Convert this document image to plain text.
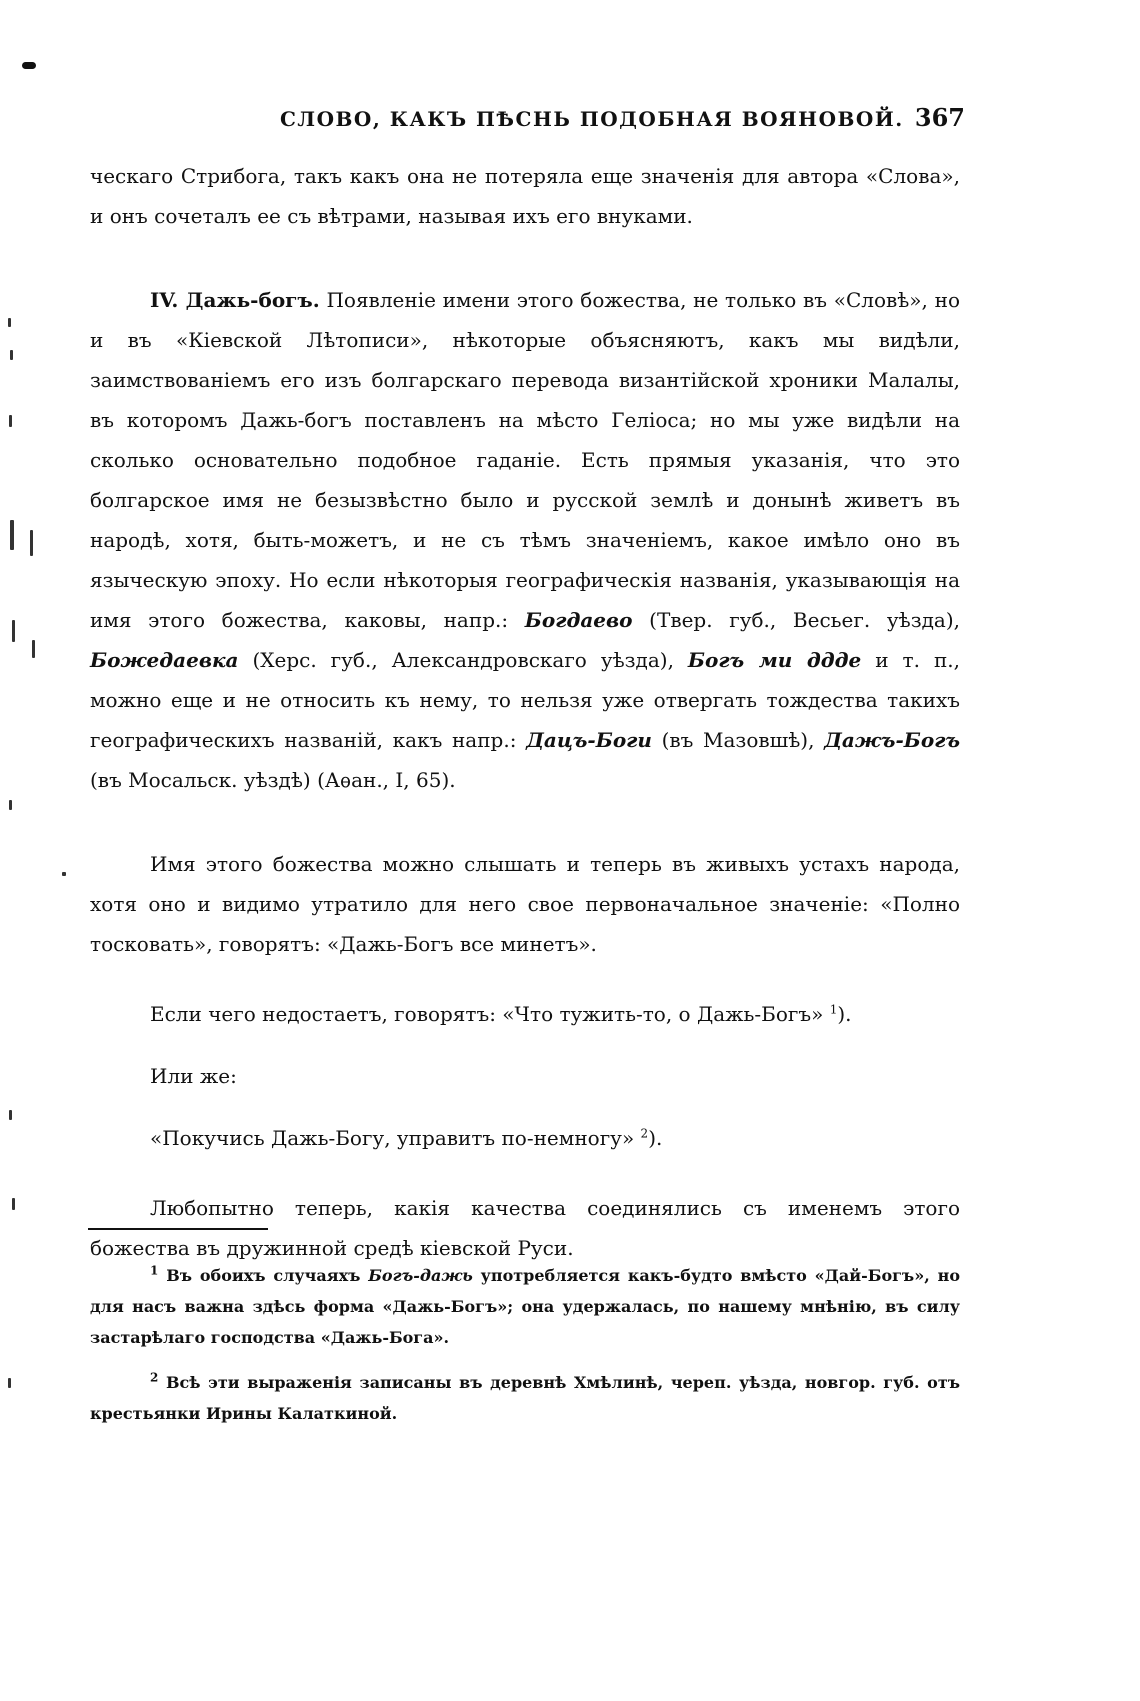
СЛОВО, КАКЪ ПѢСНЬ ПОДОБНАЯ ВОЯНОВОЙ. 367

ческаго Стрибога, такъ какъ она не потеряла еще значенія для автора «Слова», и онъ сочеталъ ее съ вѣтрами, называя ихъ его внуками.

IV. Дажь-богъ. Появленіе имени этого божества, не только въ «Словѣ», но и въ «Кіевской Лѣтописи», нѣкоторые объясняютъ, какъ мы видѣли, заимствованіемъ его изъ болгарскаго перевода византійской хроники Малалы, въ которомъ Дажь-богъ поставленъ на мѣсто Геліоса; но мы уже видѣли на сколько основательно подобное гаданіе. Есть прямыя указанія, что это болгарское имя не безызвѣстно было и русской землѣ и донынѣ живетъ въ народѣ, хотя, быть-можетъ, и не съ тѣмъ значеніемъ, какое имѣло оно въ языческую эпоху. Но если нѣкоторыя географическія названія, указывающія на имя этого божества, каковы, напр.: Богдаево (Твер. губ., Весьег. уѣзда), Божедаевка (Херс. губ., Александровскаго уѣзда), Богъ ми ддде и т. п., можно еще и не относить къ нему, то нельзя уже отвергать тождества такихъ географическихъ названій, какъ напр.: Дацъ-Боги (въ Мазовшѣ), Дажъ-Богъ (въ Мосальск. уѣздѣ) (Аѳан., I, 65).

Имя этого божества можно слышать и теперь въ живыхъ устахъ народа, хотя оно и видимо утратило для него свое первоначальное значеніе: «Полно тосковать», говорятъ: «Дажь-Богъ все минетъ».

Если чего недостаетъ, говорятъ: «Что тужить-то, о Дажь-Богъ» $^1$).

Или же:

«Покучись Дажь-Богу, управитъ по-немногу» $^2$).

Любопытно теперь, какія качества соединялись съ именемъ этого божества въ дружинной средѣ кіевской Руси.

$^1$ Въ обоихъ случаяхъ Богъ-дажь употребляется какъ-будто вмѣсто «Дай-Богъ», но для насъ важна здѣсь форма «Дажь-Богъ»; она удержалась, по нашему мнѣнію, въ силу застарѣлаго господства «Дажь-Бога».

$^2$ Всѣ эти выраженія записаны въ деревнѣ Хмѣлинѣ, череп. уѣзда, новгор. губ. отъ крестьянки Ирины Калаткиной.
